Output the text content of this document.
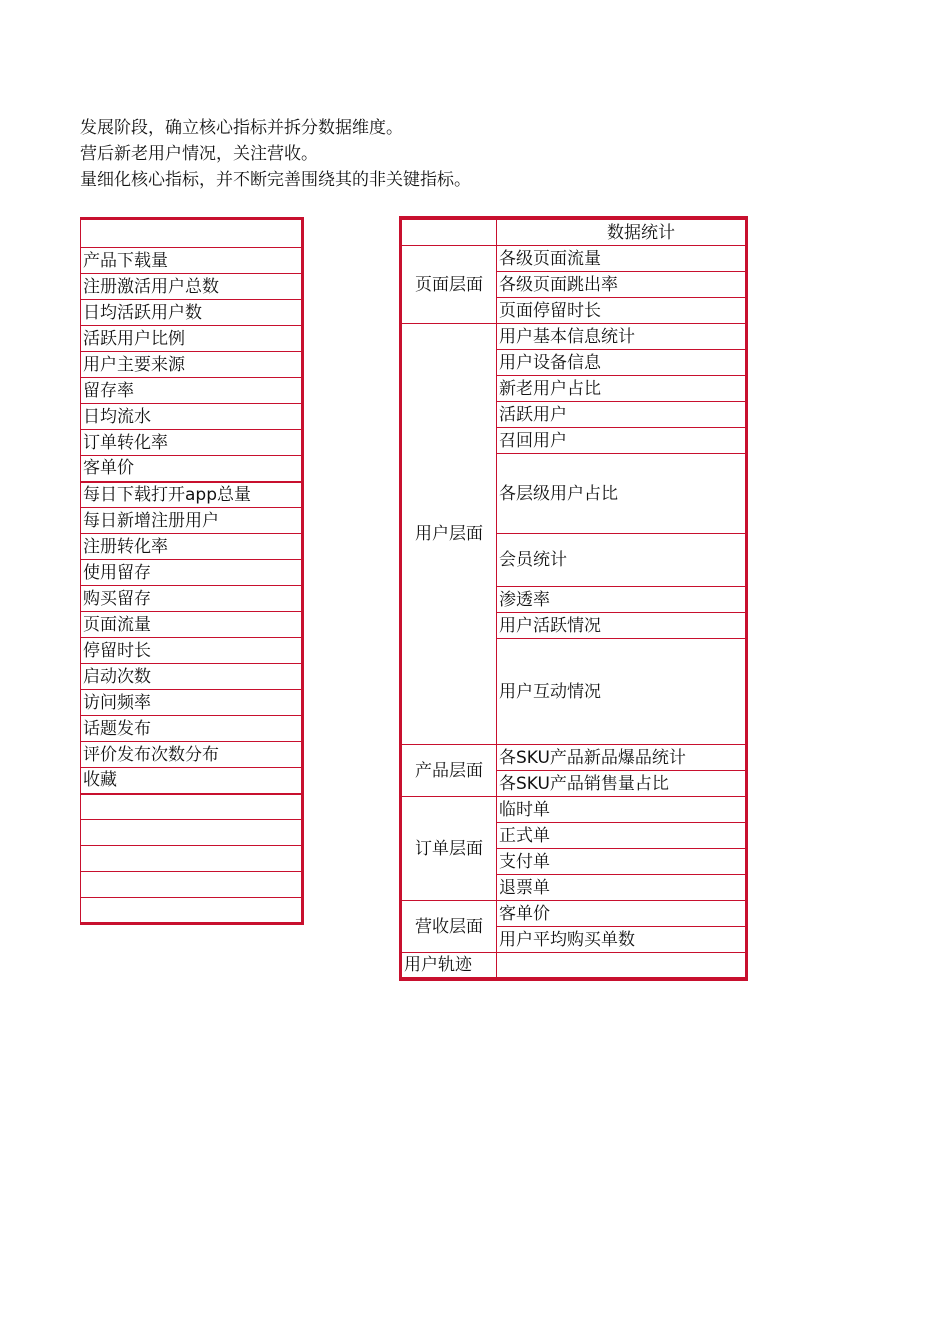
发展阶段，确立核心指标并拆分数据维度。
营后新老用户情况，关注营收。
量细化核心指标，并不断完善围绕其的非关键指标。

产品下载量
注册激活用户总数
日均活跃用户数
活跃用户比例
用户主要来源
留存率
日均流水
订单转化率
客单价
每日下载打开app总量
每日新增注册用户
注册转化率
使用留存
购买留存
页面流量
停留时长
启动次数
访问频率
话题发布
评价发布次数分布
收藏

	数据统计
页面层面	各级页面流量
	各级页面跳出率
	页面停留时长
用户层面	用户基本信息统计
	用户设备信息
	新老用户占比
	活跃用户
	召回用户
	各层级用户占比
	会员统计
	渗透率
	用户活跃情况
	用户互动情况
产品层面	各SKU产品新品爆品统计
	各SKU产品销售量占比
订单层面	临时单
	正式单
	支付单
	退票单
营收层面	客单价
	用户平均购买单数
用户轨迹	
